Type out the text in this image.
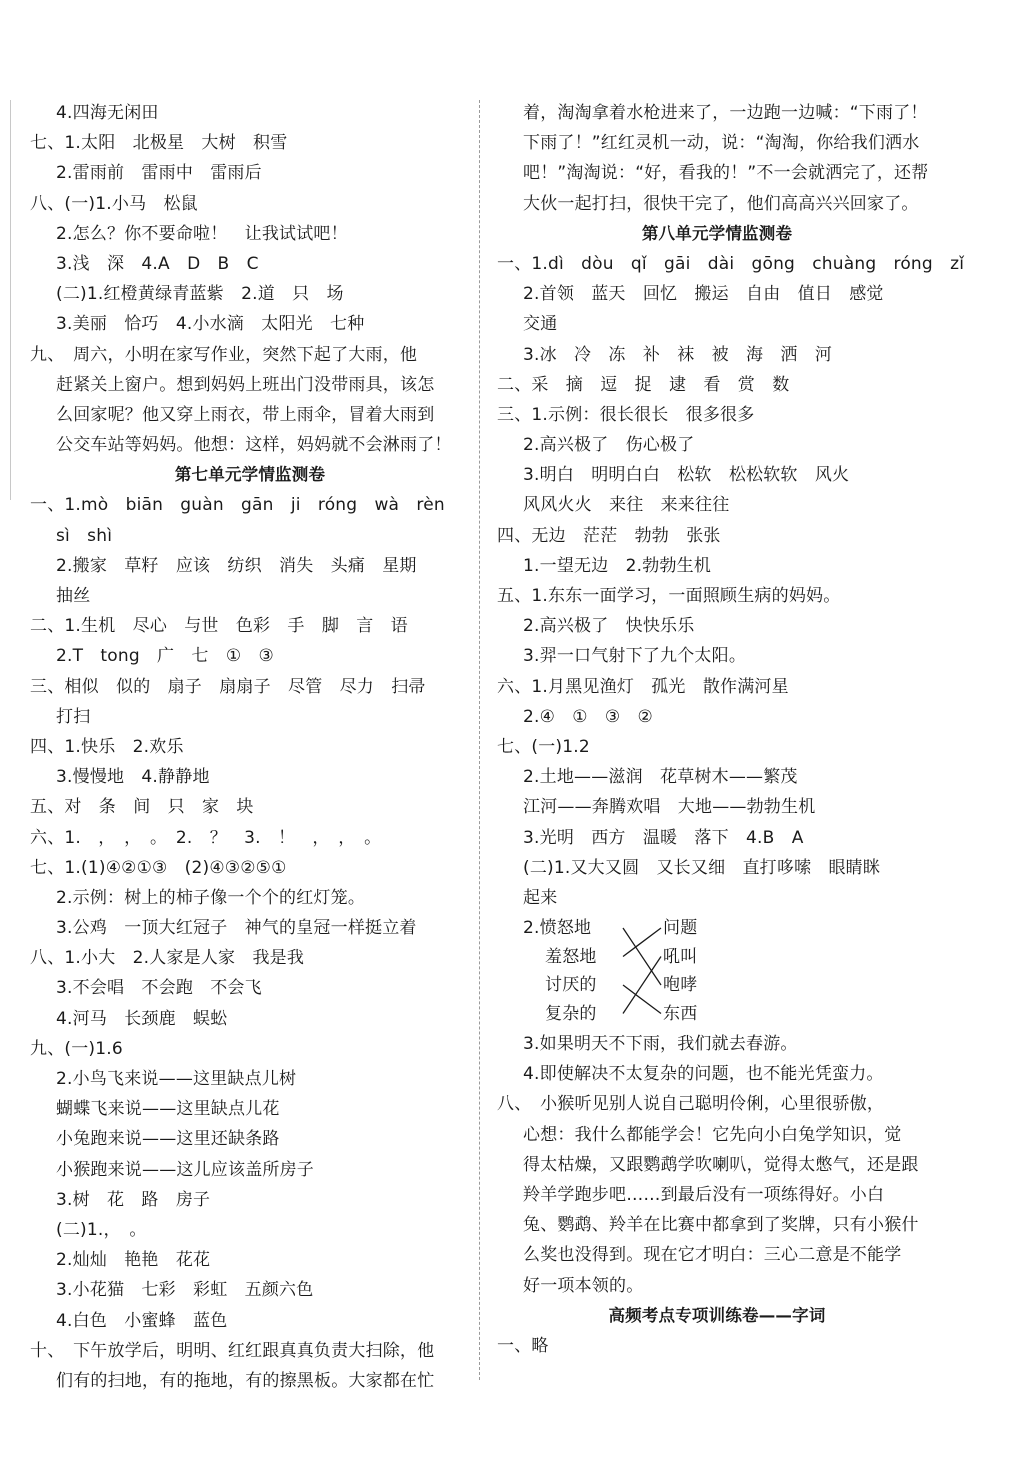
4.四海无闲田
七、1.太阳　北极星　大树　积雪
2.雷雨前　雷雨中　雷雨后
八、(一)1.小马　松鼠
2.怎么？你不要命啦！　让我试试吧！
3.浅　深　4.A　D　B　C
(二)1.红橙黄绿青蓝紫　2.道　只　场
3.美丽　恰巧　4.小水滴　太阳光　七种
九、　周六，小明在家写作业，突然下起了大雨，他
赶紧关上窗户。想到妈妈上班出门没带雨具，该怎
么回家呢？他又穿上雨衣，带上雨伞，冒着大雨到
公交车站等妈妈。他想：这样，妈妈就不会淋雨了！
第七单元学情监测卷
一、1.mò　biān　guàn　gān　ji　róng　wà　rèn
sì　shì
2.搬家　草籽　应该　纺织　消失　头痛　星期
抽丝
二、1.生机　尽心　与世　色彩　手　脚　言　语
2.T　tong　广　七　①　③
三、相似　似的　扇子　扇扇子　尽管　尽力　扫帚
打扫
四、1.快乐　2.欢乐
3.慢慢地　4.静静地
五、对　条　间　只　家　块
六、1.　，　，　。　2.　？　3.　！　，　，　。
七、1.(1)④②①③　(2)④③②⑤①
2.示例：树上的柿子像一个个的红灯笼。
3.公鸡　一顶大红冠子　神气的皇冠一样挺立着
八、1.小大　2.人家是人家　我是我
3.不会唱　不会跑　不会飞
4.河马　长颈鹿　蜈蚣
九、(一)1.6
2.小鸟飞来说——这里缺点儿树
蝴蝶飞来说——这里缺点儿花
小兔跑来说——这里还缺条路
小猴跑来说——这儿应该盖所房子
3.树　花　路　房子
(二)1.，　。
2.灿灿　艳艳　花花
3.小花猫　七彩　彩虹　五颜六色
4.白色　小蜜蜂　蓝色
十、　下午放学后，明明、红红跟真真负责大扫除，他
们有的扫地，有的拖地，有的擦黑板。大家都在忙
着，淘淘拿着水枪进来了，一边跑一边喊：“下雨了！
下雨了！”红红灵机一动，说：“淘淘，你给我们洒水
吧！”淘淘说：“好，看我的！”不一会就洒完了，还帮
大伙一起打扫，很快干完了，他们高高兴兴回家了。
第八单元学情监测卷
一、1.dì　dòu　qǐ　gāi　dài　gōng　chuàng　róng　zǐ
2.首领　蓝天　回忆　搬运　自由　值日　感觉
交通
3.冰　冷　冻　补　袜　被　海　洒　河
二、采　摘　逗　捉　逮　看　赏　数
三、1.示例：很长很长　很多很多
2.高兴极了　伤心极了
3.明白　明明白白　松软　松松软软　风火
风风火火　来往　来来往往
四、无边　茫茫　勃勃　张张
1.一望无边　2.勃勃生机
五、1.东东一面学习，一面照顾生病的妈妈。
2.高兴极了　快快乐乐
3.羿一口气射下了九个太阳。
六、1.月黑见渔灯　孤光　散作满河星
2.④　①　③　②
七、(一)1.2
2.土地——滋润　花草树木——繁茂
江河——奔腾欢唱　大地——勃勃生机
3.光明　西方　温暖　落下　4.B　A
(二)1.又大又圆　又长又细　直打哆嗦　眼睛眯
起来
2.愤怒地
羞怒地
讨厌的
复杂的
问题
吼叫
咆哮
东西
3.如果明天不下雨，我们就去春游。
4.即使解决不太复杂的问题，也不能光凭蛮力。
八、　小猴听见别人说自己聪明伶俐，心里很骄傲，
心想：我什么都能学会！它先向小白兔学知识，觉
得太枯燥，又跟鹦鹉学吹喇叭，觉得太憋气，还是跟
羚羊学跑步吧……到最后没有一项练得好。小白
兔、鹦鹉、羚羊在比赛中都拿到了奖牌，只有小猴什
么奖也没得到。现在它才明白：三心二意是不能学
好一项本领的。
高频考点专项训练卷——字词
一、略
